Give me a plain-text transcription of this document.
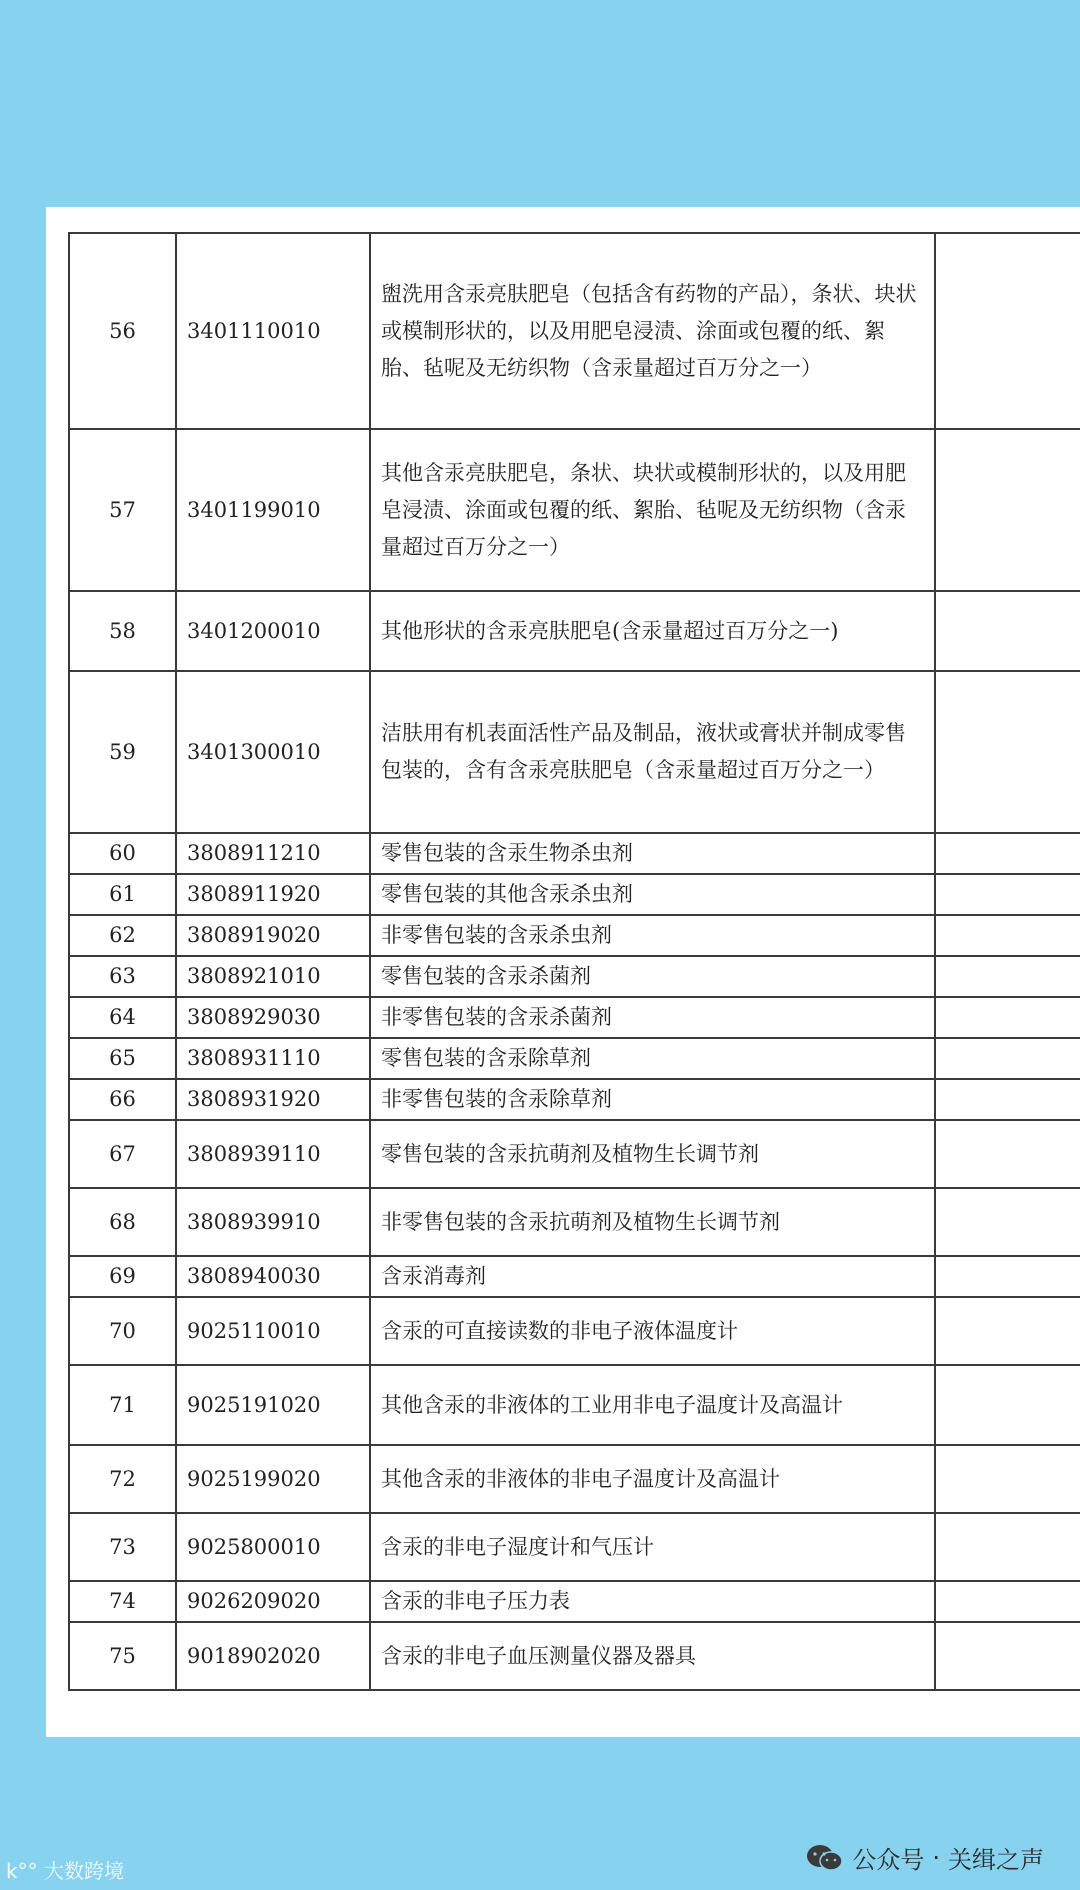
56	3401110010	盥洗用含汞亮肤肥皂（包括含有药物的产品），条状、块状或模制形状的，以及用肥皂浸渍、涂面或包覆的纸、絮胎、毡呢及无纺织物（含汞量超过百万分之一）	
57	3401199010	其他含汞亮肤肥皂，条状、块状或模制形状的，以及用肥皂浸渍、涂面或包覆的纸、絮胎、毡呢及无纺织物（含汞量超过百万分之一）	
58	3401200010	其他形状的含汞亮肤肥皂(含汞量超过百万分之一)	
59	3401300010	洁肤用有机表面活性产品及制品，液状或膏状并制成零售包装的，含有含汞亮肤肥皂（含汞量超过百万分之一）	
60	3808911210	零售包装的含汞生物杀虫剂	
61	3808911920	零售包装的其他含汞杀虫剂	
62	3808919020	非零售包装的含汞杀虫剂	
63	3808921010	零售包装的含汞杀菌剂	
64	3808929030	非零售包装的含汞杀菌剂	
65	3808931110	零售包装的含汞除草剂	
66	3808931920	非零售包装的含汞除草剂	
67	3808939110	零售包装的含汞抗萌剂及植物生长调节剂	
68	3808939910	非零售包装的含汞抗萌剂及植物生长调节剂	
69	3808940030	含汞消毒剂	
70	9025110010	含汞的可直接读数的非电子液体温度计	
71	9025191020	其他含汞的非液体的工业用非电子温度计及高温计	
72	9025199020	其他含汞的非液体的非电子温度计及高温计	
73	9025800010	含汞的非电子湿度计和气压计	
74	9026209020	含汞的非电子压力表	
75	9018902020	含汞的非电子血压测量仪器及器具	
k°° 大数跨境	公众号 · 关缉之声
